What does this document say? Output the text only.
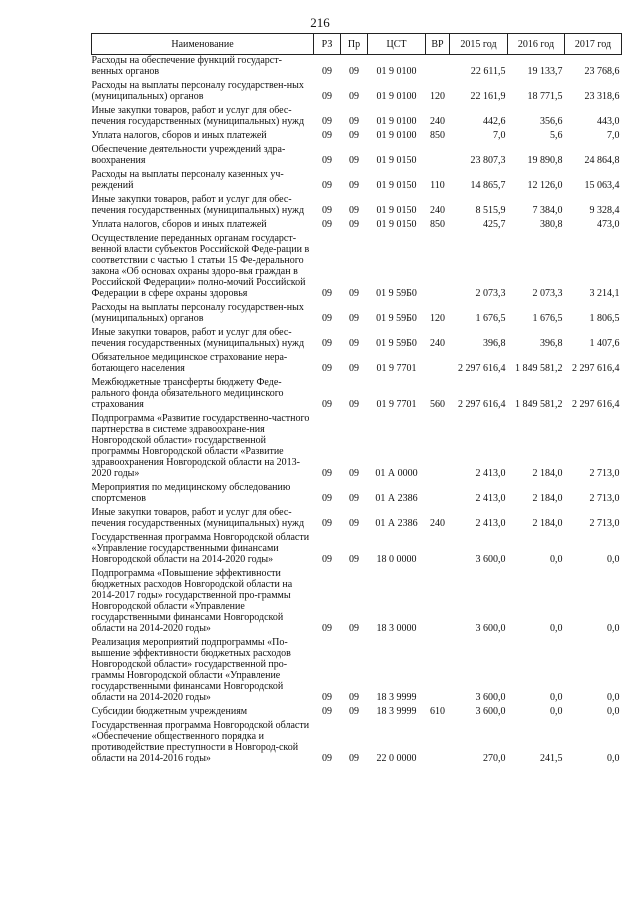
216
Наименование	РЗ	Пр	ЦСТ	ВР	2015 год	2016 год	2017 год
Расходы на обеспечение функций государст-венных органов	09	09	01 9 0100		22 611,5	19 133,7	23 768,6
Расходы на выплаты персоналу государствен-ных (муниципальных) органов	09	09	01 9 0100	120	22 161,9	18 771,5	23 318,6
Иные закупки товаров, работ и услуг для обес-печения государственных (муниципальных) нужд	09	09	01 9 0100	240	442,6	356,6	443,0
Уплата налогов, сборов и иных платежей	09	09	01 9 0100	850	7,0	5,6	7,0
Обеспечение деятельности учреждений здра-воохранения	09	09	01 9 0150		23 807,3	19 890,8	24 864,8
Расходы на выплаты персоналу казенных уч-реждений	09	09	01 9 0150	110	14 865,7	12 126,0	15 063,4
Иные закупки товаров, работ и услуг для обес-печения государственных (муниципальных) нужд	09	09	01 9 0150	240	8 515,9	7 384,0	9 328,4
Уплата налогов, сборов и иных платежей	09	09	01 9 0150	850	425,7	380,8	473,0
Осуществление переданных органам государст-венной власти субъектов Российской Феде-рации в соответствии с частью 1 статьи 15 Фе-дерального закона «Об основах охраны здоро-вья граждан в Российской Федерации» полно-мочий Российской Федерации в сфере охраны здоровья	09	09	01 9 59Б0		2 073,3	2 073,3	3 214,1
Расходы на выплаты персоналу государствен-ных (муниципальных) органов	09	09	01 9 59Б0	120	1 676,5	1 676,5	1 806,5
Иные закупки товаров, работ и услуг для обес-печения государственных (муниципальных) нужд	09	09	01 9 59Б0	240	396,8	396,8	1 407,6
Обязательное медицинское страхование нера-ботающего населения	09	09	01 9 7701		2 297 616,4	1 849 581,2	2 297 616,4
Межбюджетные трансферты бюджету Феде-рального фонда обязательного медицинского страхования	09	09	01 9 7701	560	2 297 616,4	1 849 581,2	2 297 616,4
Подпрограмма «Развитие государственно-частного партнерства в системе здравоохране-ния Новгородской области» государственной программы Новгородской области «Развитие здравоохранения Новгородской области на 2013-2020 годы»	09	09	01 А 0000		2 413,0	2 184,0	2 713,0
Мероприятия по медицинскому обследованию спортсменов	09	09	01 А 2386		2 413,0	2 184,0	2 713,0
Иные закупки товаров, работ и услуг для обес-печения государственных (муниципальных) нужд	09	09	01 А 2386	240	2 413,0	2 184,0	2 713,0
Государственная программа Новгородской области «Управление государственными финансами Новгородской области на 2014-2020 годы»	09	09	18 0 0000		3 600,0	0,0	0,0
Подпрограмма «Повышение эффективности бюджетных расходов Новгородской области на 2014-2017 годы» государственной про-граммы Новгородской области «Управление государственными финансами Новгородской области на 2014-2020 годы»	09	09	18 3 0000		3 600,0	0,0	0,0
Реализация мероприятий подпрограммы «По-вышение эффективности бюджетных расходов Новгородской области» государственной про-граммы Новгородской области «Управление государственными финансами Новгородской области на 2014-2020 годы»	09	09	18 3 9999		3 600,0	0,0	0,0
Субсидии бюджетным учреждениям	09	09	18 3 9999	610	3 600,0	0,0	0,0
Государственная программа Новгородской области «Обеспечение общественного порядка и противодействие преступности в Новгород-ской области на 2014-2016 годы»	09	09	22 0 0000		270,0	241,5	0,0
